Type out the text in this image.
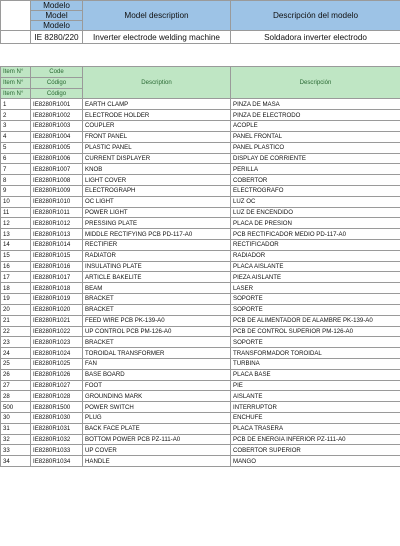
	Modelo	Model description	Descripción del modelo
	Model		
	Modelo		
	IE 8280/220	Inverter electrode welding machine	Soldadora inverter electrodo
Item N°	Code	Description	Descripción
Item N°	Código		
Item N°	Código		
1	IE8280R1001	EARTH CLAMP	PINZA DE MASA
2	IE8280R1002	ELECTRODE HOLDER	PINZA DE ELECTRODO
3	IE8280R1003	COUPLER	ACOPLE
4	IE8280R1004	FRONT PANEL	PANEL FRONTAL
5	IE8280R1005	PLASTIC PANEL	PANEL PLASTICO
6	IE8280R1006	CURRENT DISPLAYER	DISPLAY DE CORRIENTE
7	IE8280R1007	KNOB	PERILLA
8	IE8280R1008	LIGHT COVER	COBERTOR
9	IE8280R1009	ELECTROGRAPH	ELECTROGRAFO
10	IE8280R1010	OC LIGHT	LUZ OC
11	IE8280R1011	POWER LIGHT	LUZ DE ENCENDIDO
12	IE8280R1012	PRESSING PLATE	PLACA DE PRESION
13	IE8280R1013	MIDDLE RECTIFYING PCB PD-117-A0	PCB RECTIFICADOR MEDIO PD-117-A0
14	IE8280R1014	RECTIFIER	RECTIFICADOR
15	IE8280R1015	RADIATOR	RADIADOR
16	IE8280R1016	INSULATING PLATE	PLACA AISLANTE
17	IE8280R1017	ARTICLE BAKELITE	PIEZA AISLANTE
18	IE8280R1018	BEAM	LASER
19	IE8280R1019	BRACKET	SOPORTE
20	IE8280R1020	BRACKET	SOPORTE
21	IE8280R1021	FEED WIRE PCB PK-139-A0	PCB DE ALIMENTADOR DE ALAMBRE PK-139-A0
22	IE8280R1022	UP CONTROL PCB PM-126-A0	PCB DE CONTROL SUPERIOR PM-126-A0
23	IE8280R1023	BRACKET	SOPORTE
24	IE8280R1024	TOROIDAL TRANSFORMER	TRANSFORMADOR TOROIDAL
25	IE8280R1025	FAN	TURBINA
26	IE8280R1026	BASE BOARD	PLACA BASE
27	IE8280R1027	FOOT	PIE
28	IE8280R1028	GROUNDING MARK	AISLANTE
500	IE8280R1500	POWER SWITCH	INTERRUPTOR
30	IE8280R1030	PLUG	ENCHUFE
31	IE8280R1031	BACK FACE PLATE	PLACA TRASERA
32	IE8280R1032	BOTTOM POWER PCB PZ-111-A0	PCB DE ENERGIA INFERIOR PZ-111-A0
33	IE8280R1033	UP COVER	COBERTOR SUPERIOR
34	IE8280R1034	HANDLE	MANGO
